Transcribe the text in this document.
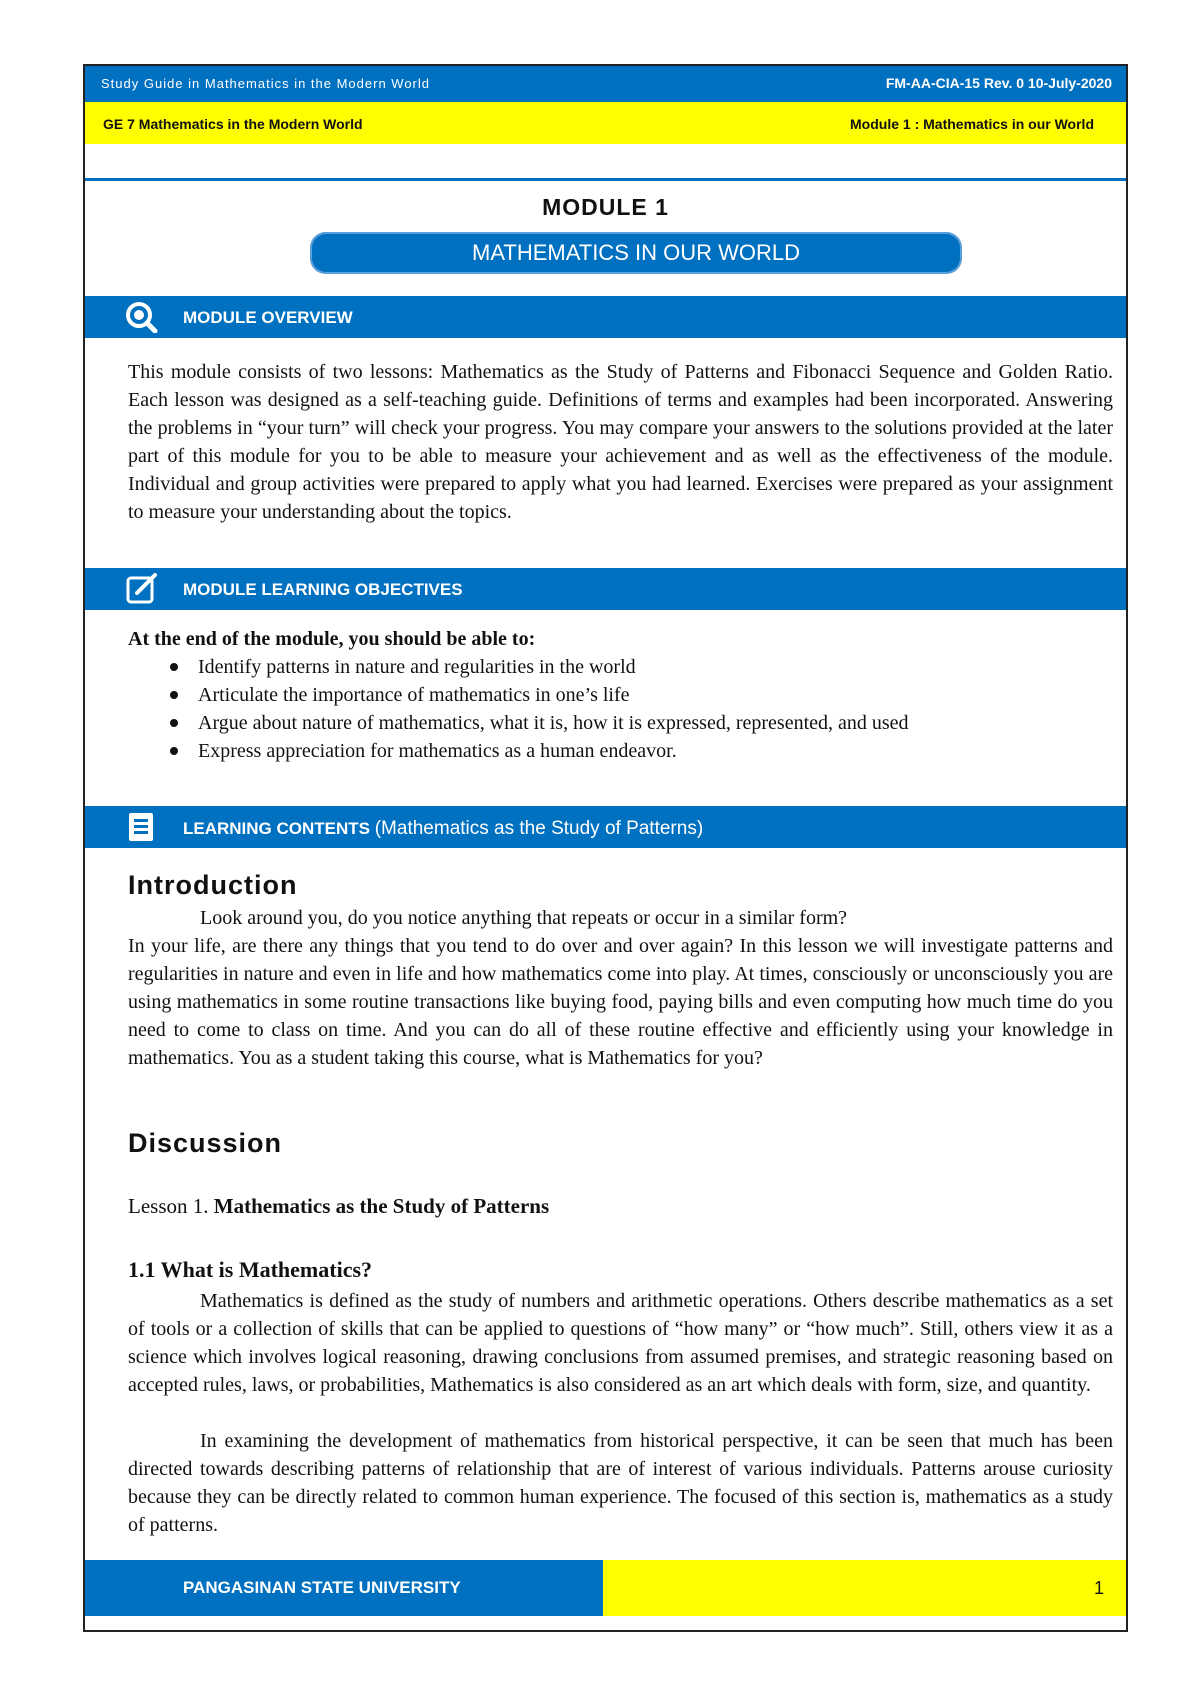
Study Guide in Mathematics in the Modern World	FM-AA-CIA-15 Rev. 0 10-July-2020
GE 7 Mathematics in the Modern World	Module 1 : Mathematics in our World
MODULE 1
MATHEMATICS IN OUR WORLD
MODULE OVERVIEW
This module consists of two lessons: Mathematics as the Study of Patterns and Fibonacci Sequence and Golden Ratio. Each lesson was designed as a self-teaching guide. Definitions of terms and examples had been incorporated. Answering the problems in “your turn” will check your progress. You may compare your answers to the solutions provided at the later part of this module for you to be able to measure your achievement and as well as the effectiveness of the module. Individual and group activities were prepared to apply what you had learned. Exercises were prepared as your assignment to measure your understanding about the topics.
MODULE LEARNING OBJECTIVES
At the end of the module, you should be able to:
Identify patterns in nature and regularities in the world
Articulate the importance of mathematics in one’s life
Argue about nature of mathematics, what it is, how it is expressed, represented, and used
Express appreciation for mathematics as a human endeavor.
LEARNING CONTENTS (Mathematics as the Study of Patterns)
Introduction
Look around you, do you notice anything that repeats or occur in a similar form?
In your life, are there any things that you tend to do over and over again? In this lesson we will investigate patterns and regularities in nature and even in life and how mathematics come into play. At times, consciously or unconsciously you are using mathematics in some routine transactions like buying food, paying bills and even computing how much time do you need to come to class on time. And you can do all of these routine effective and efficiently using your knowledge in mathematics. You as a student taking this course, what is Mathematics for you?
Discussion
Lesson 1. Mathematics as the Study of Patterns
1.1 What is Mathematics?
Mathematics is defined as the study of numbers and arithmetic operations. Others describe mathematics as a set of tools or a collection of skills that can be applied to questions of “how many” or “how much”. Still, others view it as a science which involves logical reasoning, drawing conclusions from assumed premises, and strategic reasoning based on accepted rules, laws, or probabilities, Mathematics is also considered as an art which deals with form, size, and quantity.
In examining the development of mathematics from historical perspective, it can be seen that much has been directed towards describing patterns of relationship that are of interest of various individuals. Patterns arouse curiosity because they can be directly related to common human experience. The focused of this section is, mathematics as a study of patterns.
PANGASINAN STATE UNIVERSITY	1
